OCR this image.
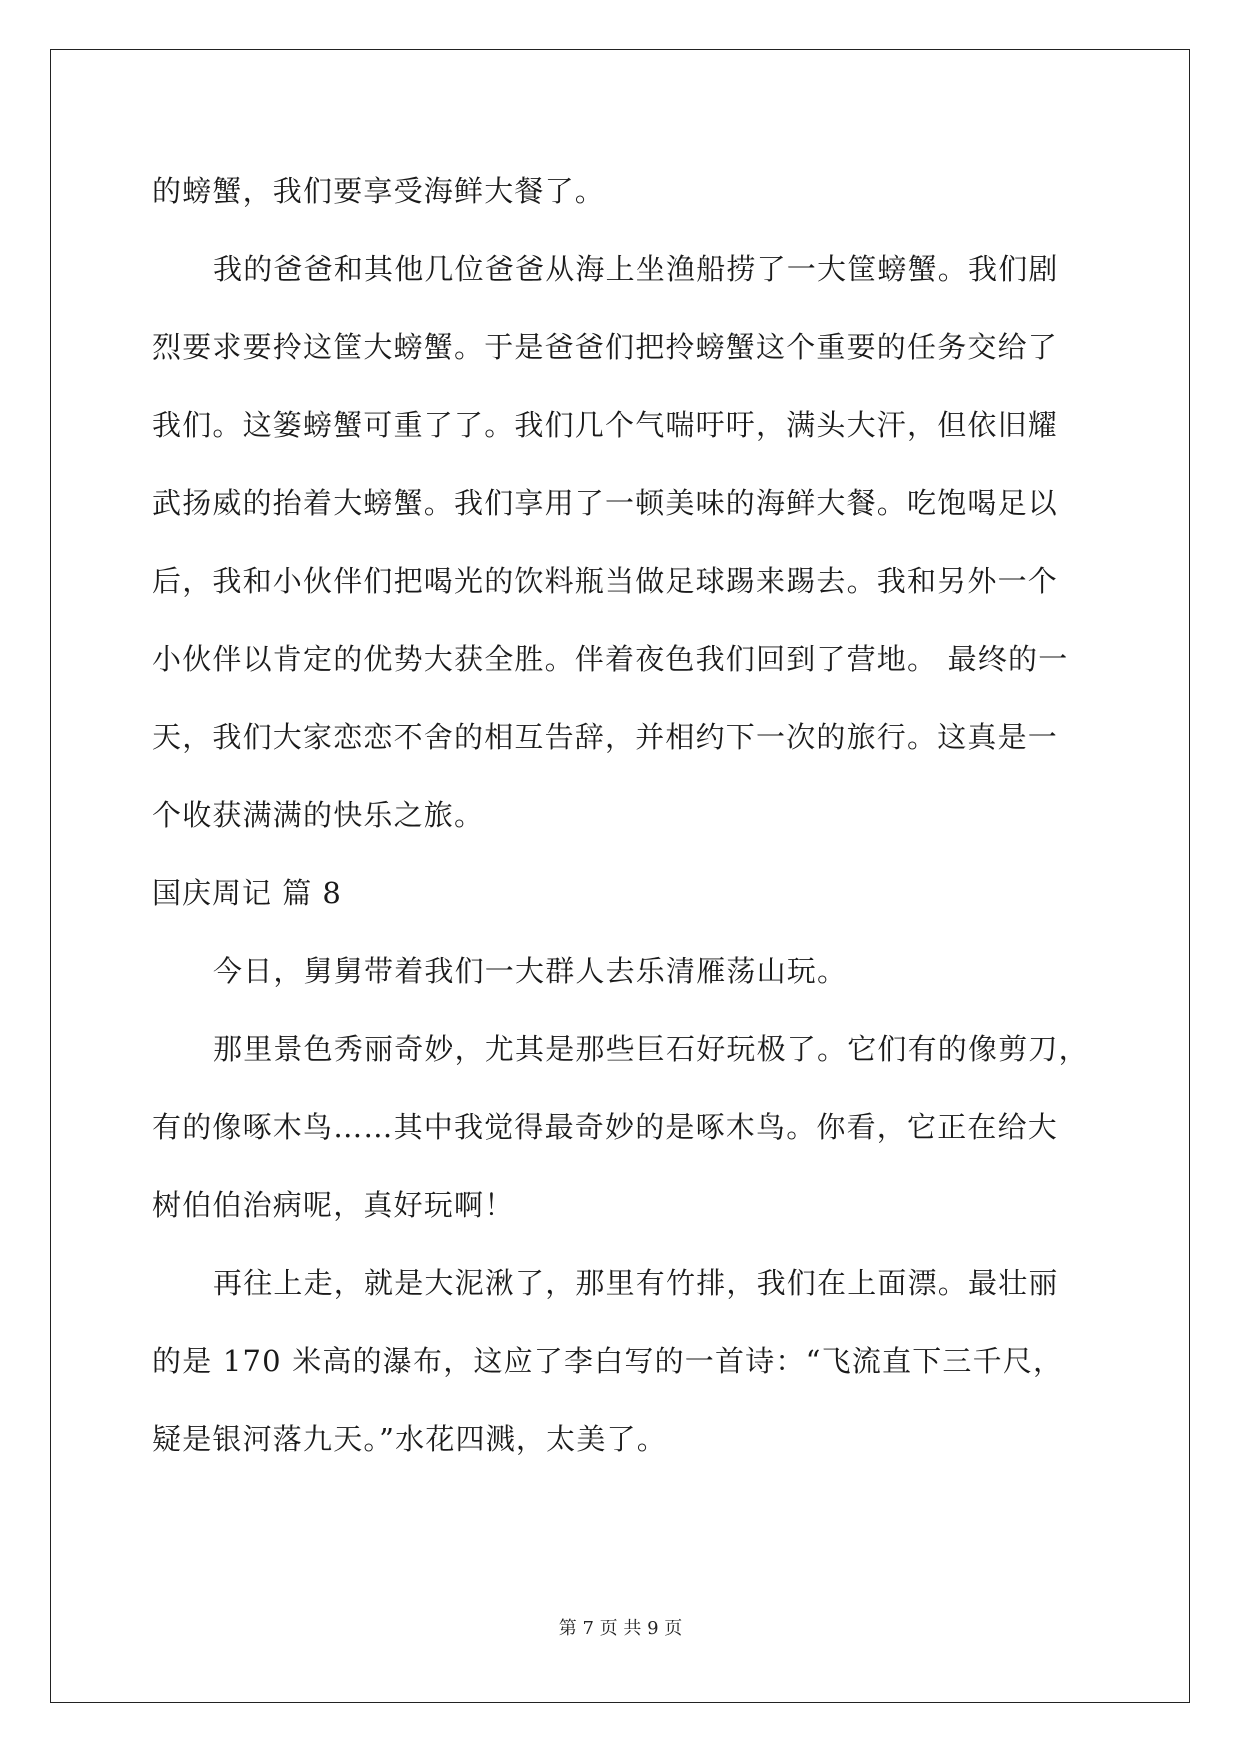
的螃蟹，我们要享受海鲜大餐了。
我的爸爸和其他几位爸爸从海上坐渔船捞了一大筐螃蟹。我们剧
烈要求要拎这筐大螃蟹。于是爸爸们把拎螃蟹这个重要的任务交给了
我们。这篓螃蟹可重了了。我们几个气喘吁吁，满头大汗，但依旧耀
武扬威的抬着大螃蟹。我们享用了一顿美味的海鲜大餐。吃饱喝足以
后，我和小伙伴们把喝光的饮料瓶当做足球踢来踢去。我和另外一个
小伙伴以肯定的优势大获全胜。伴着夜色我们回到了营地。 最终的一
天，我们大家恋恋不舍的相互告辞，并相约下一次的旅行。这真是一
个收获满满的快乐之旅。
国庆周记 篇 8
今日，舅舅带着我们一大群人去乐清雁荡山玩。
那里景色秀丽奇妙，尤其是那些巨石好玩极了。它们有的像剪刀，
有的像啄木鸟……其中我觉得最奇妙的是啄木鸟。你看，它正在给大
树伯伯治病呢，真好玩啊！
再往上走，就是大泥湫了，那里有竹排，我们在上面漂。最壮丽
的是 170 米高的瀑布，这应了李白写的一首诗：“飞流直下三千尺，
疑是银河落九天。”水花四溅，太美了。
第 7 页 共 9 页
